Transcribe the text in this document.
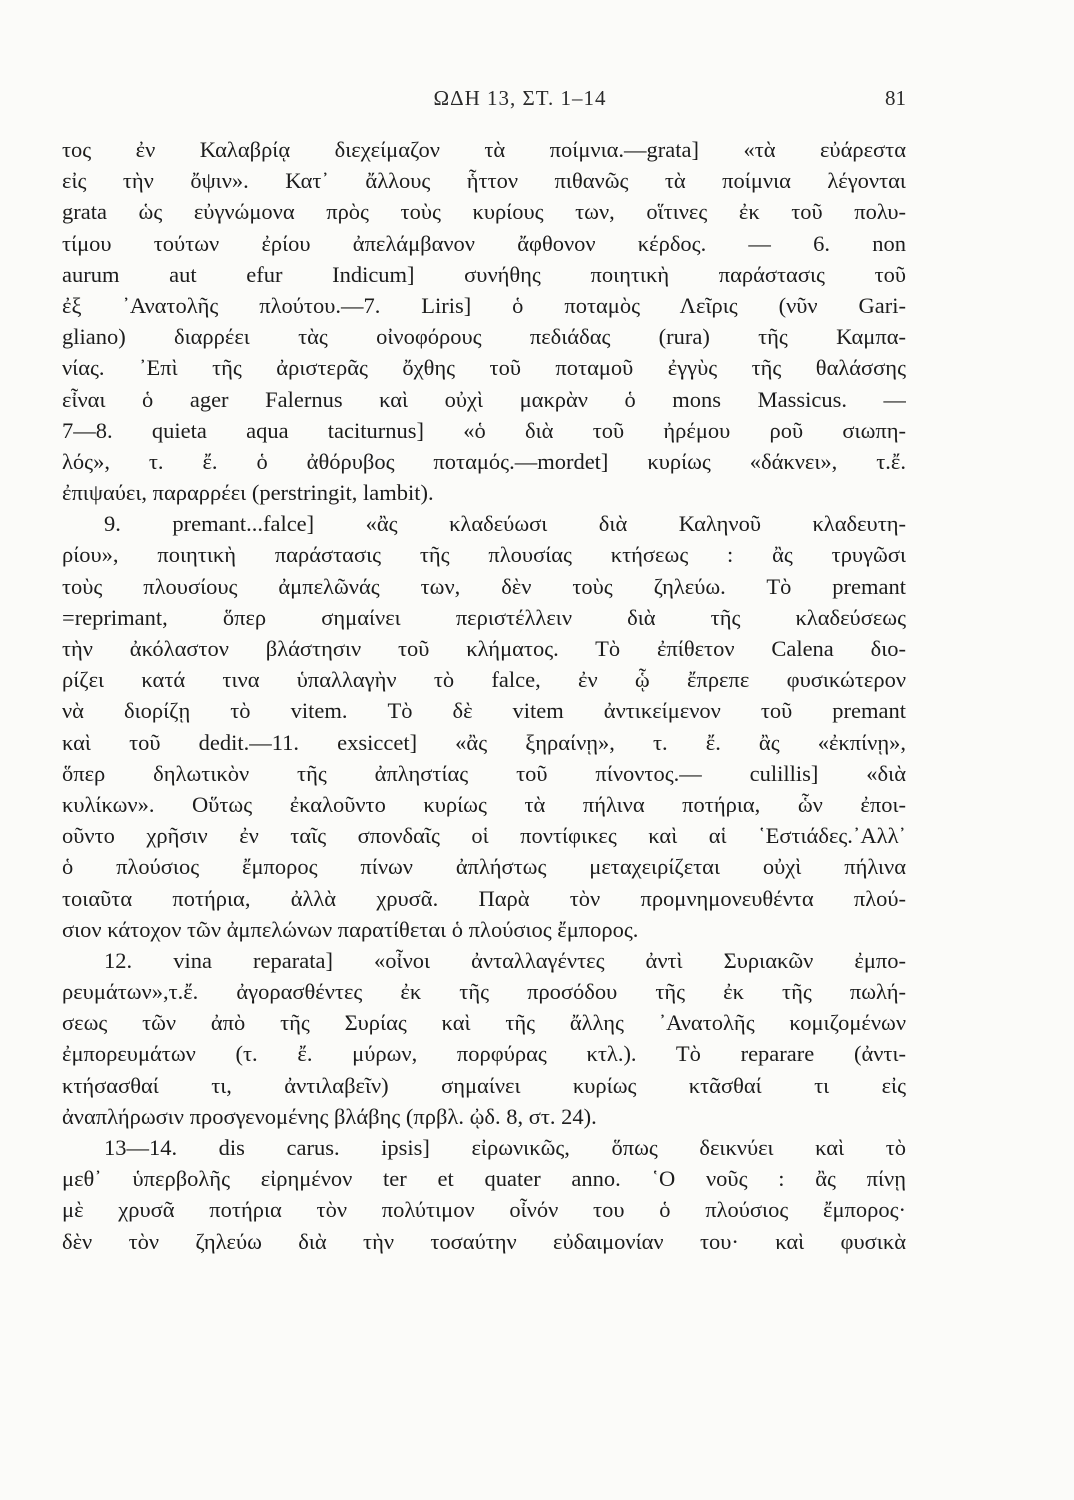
ΩΔΗ 13, ΣΤ. 1–14	81
τος ἐν Καλαβρίᾳ διεχείμαζον τὰ ποίμνια.—grata] «τὰ εὐάρεστα
εἰς τὴν ὄψιν». Κατ᾽ ἄλλους ἧττον πιθανῶς τὰ ποίμνια λέγονται
grata ὡς εὐγνώμονα πρὸς τοὺς κυρίους των, οἵτινες ἐκ τοῦ πολυ-
τίμου τούτων ἐρίου ἀπελάμβανον ἄφθονον κέρδος. — 6. non
aurum aut efur Indicum] συνήθης ποιητικὴ παράστασις τοῦ
ἐξ ᾿Ανατολῆς πλούτου.—7. Liris] ὁ ποταμὸς Λεῖρις (νῦν Gari-
gliano) διαρρέει τὰς οἰνοφόρους πεδιάδας (rura) τῆς Καμπα-
νίας. ᾿Επὶ τῆς ἀριστερᾶς ὄχθης τοῦ ποταμοῦ ἐγγὺς τῆς θαλάσσης
εἶναι ὁ ager Falernus καὶ οὐχὶ μακρὰν ὁ mons Massicus. —
7—8. quieta aqua taciturnus] «ὁ διὰ τοῦ ἠρέμου ροῦ σιωπη-
λός», τ. ἔ. ὁ ἀθόρυβος ποταμός.—mordet] κυρίως «δάκνει», τ.ἔ.
ἐπιψαύει, παραρρέει (perstringit, lambit).
9. premant...falce] «ἂς κλαδεύωσι διὰ Καληνοῦ κλαδευτη-
ρίου», ποιητικὴ παράστασις τῆς πλουσίας κτήσεως : ἂς τρυγῶσι
τοὺς πλουσίους ἀμπελῶνάς των, δὲν τοὺς ζηλεύω. Τὸ premant
=reprimant, ὅπερ σημαίνει περιστέλλειν διὰ τῆς κλαδεύσεως
τὴν ἀκόλαστον βλάστησιν τοῦ κλήματος. Τὸ ἐπίθετον Calena διο-
ρίζει κατά τινα ὑπαλλαγὴν τὸ falce, ἐν ᾧ ἔπρεπε φυσικώτερον
νὰ διορίζῃ τὸ vitem. Τὸ δὲ vitem ἀντικείμενον τοῦ premant
καὶ τοῦ dedit.—11. exsiccet] «ἂς ξηραίνῃ», τ. ἔ. ἂς «ἐκπίνῃ»,
ὅπερ δηλωτικὸν τῆς ἀπληστίας τοῦ πίνοντος.— culillis] «διὰ
κυλίκων». Οὕτως ἐκαλοῦντο κυρίως τὰ πήλινα ποτήρια, ὧν ἐποι-
οῦντο χρῆσιν ἐν ταῖς σπονδαῖς οἱ ποντίφικες καὶ αἱ ῾Εστιάδες.᾿Αλλ᾽
ὁ πλούσιος ἔμπορος πίνων ἀπλήστως μεταχειρίζεται οὐχὶ πήλινα
τοιαῦτα ποτήρια, ἀλλὰ χρυσᾶ. Παρὰ τὸν προμνημονευθέντα πλού-
σιον κάτοχον τῶν ἀμπελώνων παρατίθεται ὁ πλούσιος ἔμπορος.
12. vina reparata] «οἶνοι ἀνταλλαγέντες ἀντὶ Συριακῶν ἐμπο-
ρευμάτων»,τ.ἔ. ἀγορασθέντες ἐκ τῆς προσόδου τῆς ἐκ τῆς πωλή-
σεως τῶν ἀπὸ τῆς Συρίας καὶ τῆς ἄλλης ᾿Ανατολῆς κομιζομένων
ἐμπορευμάτων (τ. ἔ. μύρων, πορφύρας κτλ.). Τὸ reparare (ἀντι-
κτήσασθαί τι, ἀντιλαβεῖν) σημαίνει κυρίως κτᾶσθαί τι εἰς
ἀναπλήρωσιν προσγενομένης βλάβης (πρβλ. ᾠδ. 8, στ. 24).
13—14. dis carus. ipsis] εἰρωνικῶς, ὅπως δεικνύει καὶ τὸ
μεθ᾽ ὑπερβολῆς εἰρημένον ter et quater anno. ῾Ο νοῦς : ἂς πίνῃ
μὲ χρυσᾶ ποτήρια τὸν πολύτιμον οἶνόν του ὁ πλούσιος ἔμπορος·
δὲν τὸν ζηλεύω διὰ τὴν τοσαύτην εὐδαιμονίαν του· καὶ φυσικὰ
